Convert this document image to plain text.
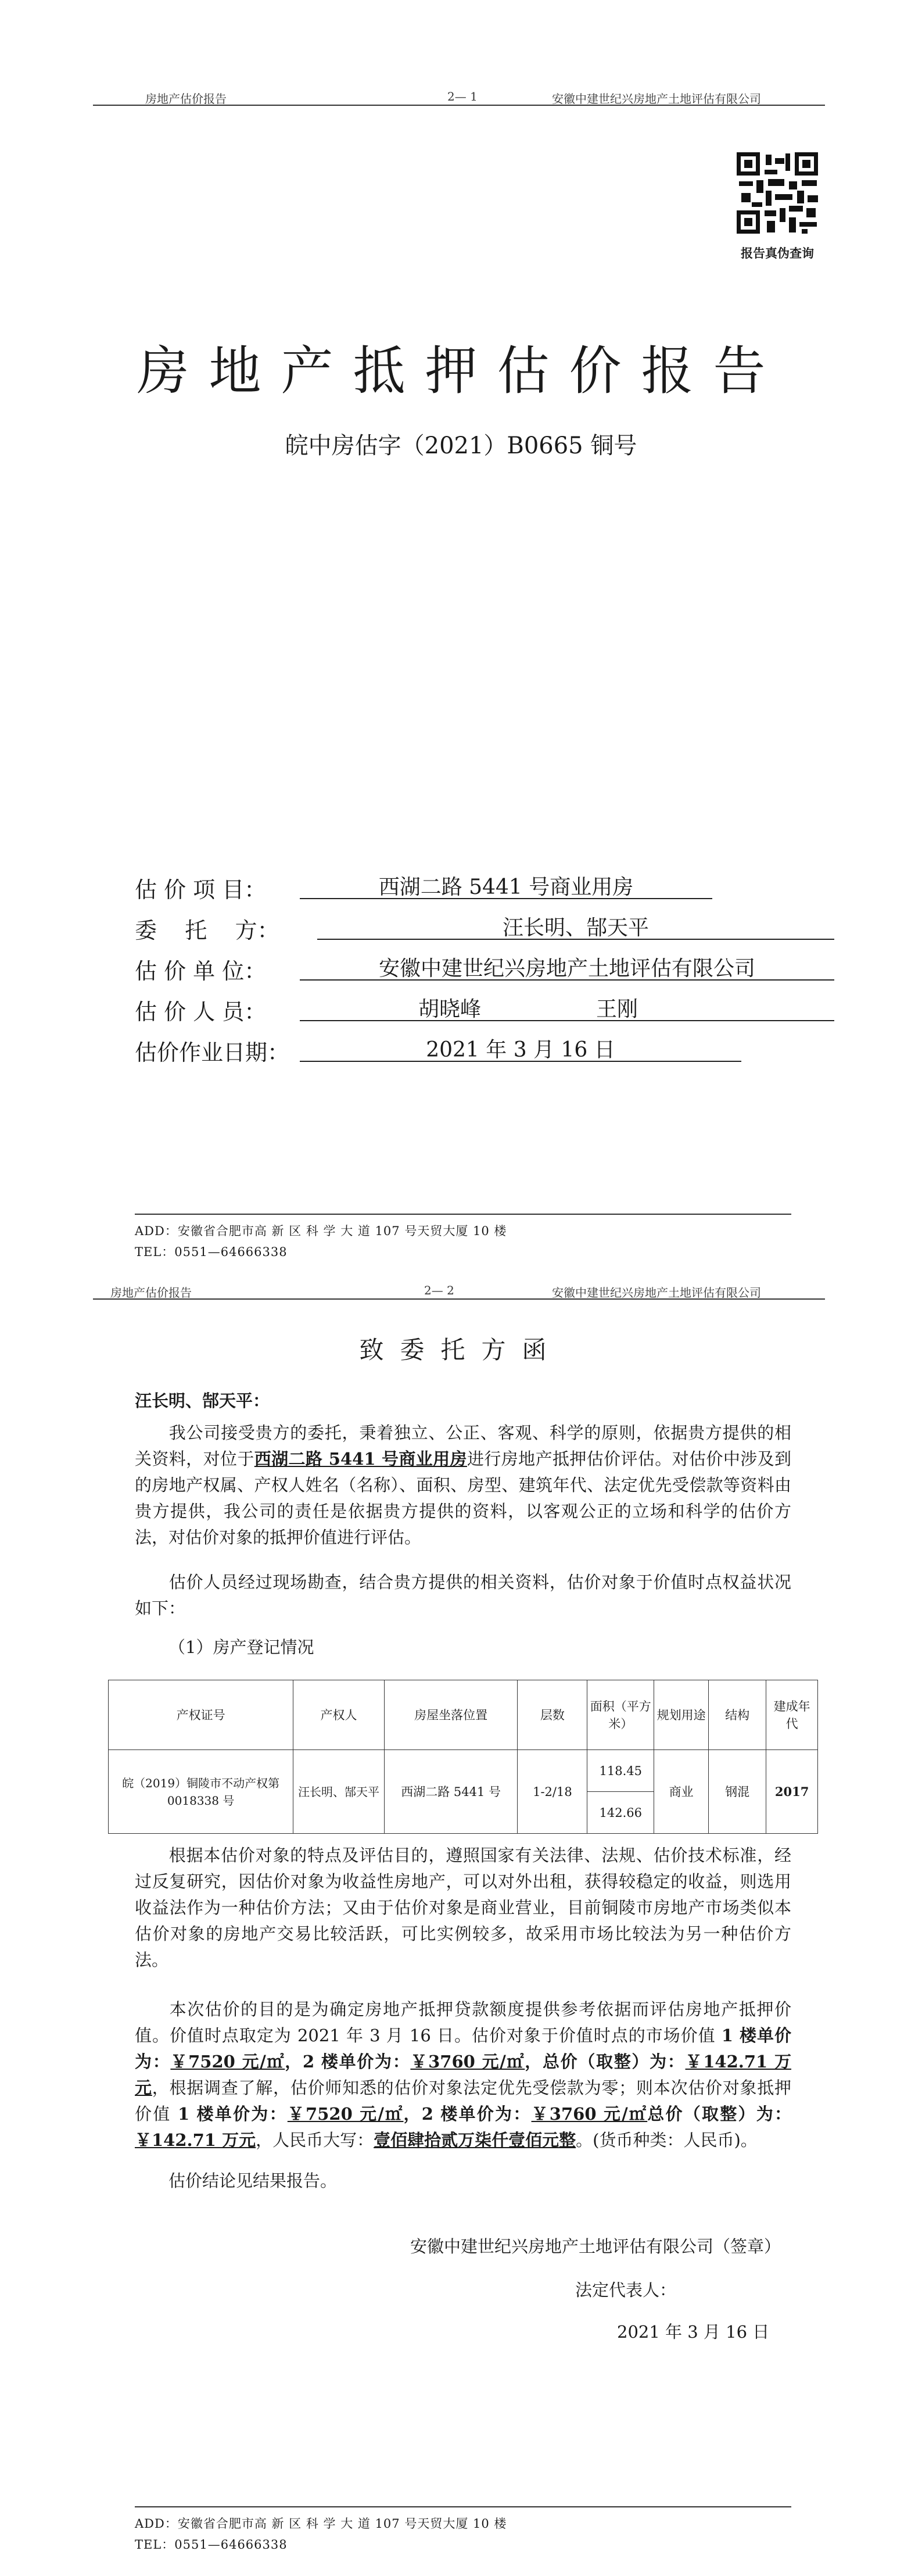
房地产估价报告	2— 1	安徽中建世纪兴房地产土地评估有限公司
报告真伪查询
房地产抵押估价报告
皖中房估字（2021）B0665 铜号
估 价 项 目：	西湖二路 5441 号商业用房
委    托    方：	汪长明、郜天平
估 价 单 位：	安徽中建世纪兴房地产土地评估有限公司
估 价 人 员：	胡晓峰	王刚
估价作业日期：	2021 年 3 月 16 日
ADD：安徽省合肥市高 新 区 科 学 大 道 107 号天贸大厦 10 楼
TEL：0551—64666338
房地产估价报告	2— 2	安徽中建世纪兴房地产土地评估有限公司
致委托方函
汪长明、郜天平：
我公司接受贵方的委托，秉着独立、公正、客观、科学的原则，依据贵方提供的相关资料，对位于西湖二路 5441 号商业用房进行房地产抵押估价评估。对估价中涉及到的房地产权属、产权人姓名（名称）、面积、房型、建筑年代、法定优先受偿款等资料由贵方提供，我公司的责任是依据贵方提供的资料，以客观公正的立场和科学的估价方法，对估价对象的抵押价值进行评估。
估价人员经过现场勘查，结合贵方提供的相关资料，估价对象于价值时点权益状况如下：
（1）房产登记情况
产权证号	产权人	房屋坐落位置	层数	面积（平方米）	规划用途	结构	建成年代
皖（2019）铜陵市不动产权第0018338 号	汪长明、郜天平	西湖二路 5441 号	1-2/18	118.45	商业	钢混	2017
				142.66			
根据本估价对象的特点及评估目的，遵照国家有关法律、法规、估价技术标准，经过反复研究，因估价对象为收益性房地产，可以对外出租，获得较稳定的收益，则选用收益法作为一种估价方法；又由于估价对象是商业营业，目前铜陵市房地产市场类似本估价对象的房地产交易比较活跃，可比实例较多，故采用市场比较法为另一种估价方法。
本次估价的目的是为确定房地产抵押贷款额度提供参考依据而评估房地产抵押价值。价值时点取定为 2021 年 3 月 16 日。估价对象于价值时点的市场价值 1 楼单价为：￥7520 元/㎡，2 楼单价为：￥3760 元/㎡，总价（取整）为：￥142.71 万元，根据调查了解，估价师知悉的估价对象法定优先受偿款为零；则本次估价对象抵押价值 1 楼单价为：￥7520 元/㎡，2 楼单价为：￥3760 元/㎡总价（取整）为：￥142.71 万元，人民币大写：壹佰肆拾贰万柒仟壹佰元整。(货币种类：人民币)。
估价结论见结果报告。
安徽中建世纪兴房地产土地评估有限公司（签章）
法定代表人：
2021 年 3 月 16 日
ADD：安徽省合肥市高 新 区 科 学 大 道 107 号天贸大厦 10 楼
TEL：0551—64666338
